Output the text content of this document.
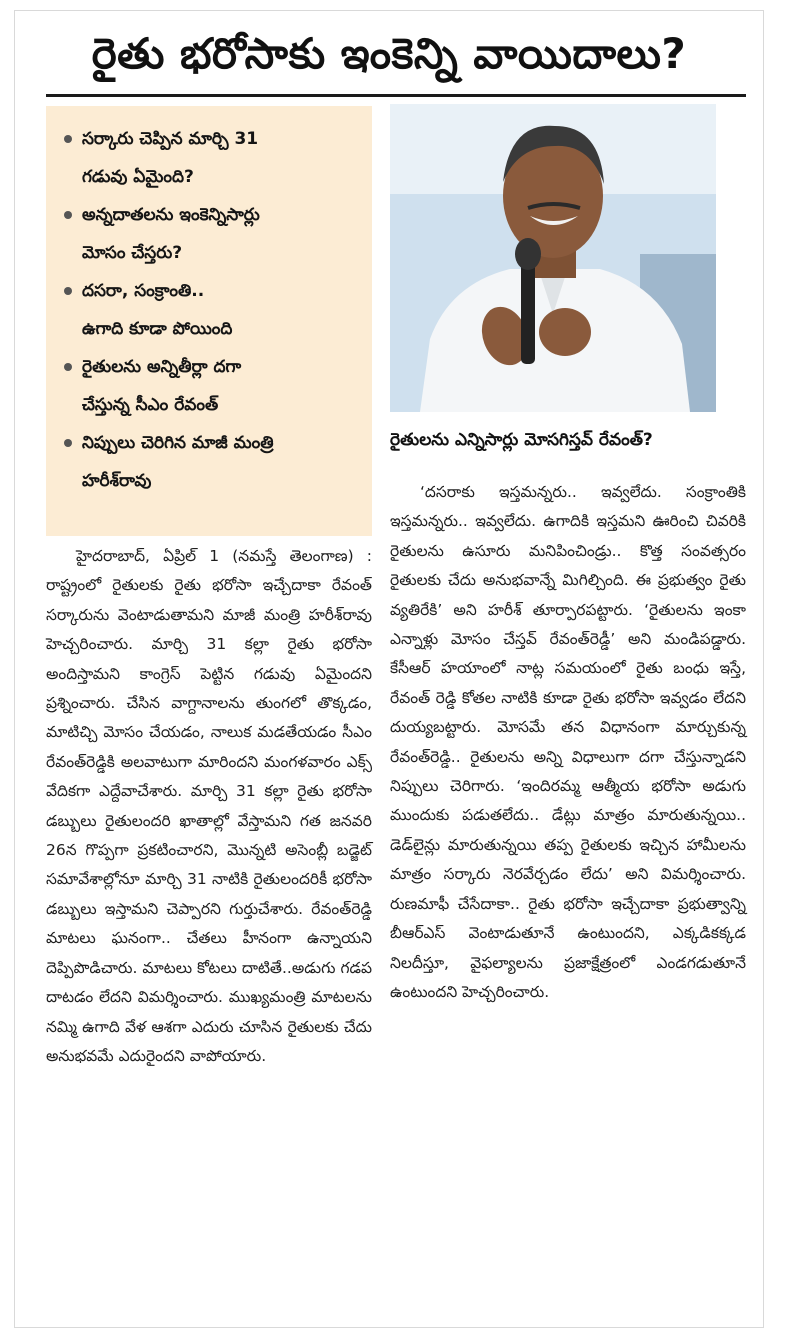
రైతు భరోసాకు ఇంకెన్ని వాయిదాలు?
సర్కారు చెప్పిన మార్చి 31
గడువు ఏమైంది?
అన్నదాతలను ఇంకెన్నిసార్లు
మోసం చేస్తరు?
దసరా, సంక్రాంతి..
ఉగాది కూడా పోయింది
రైతులను అన్నితీర్లా దగా
చేస్తున్న సీఎం రేవంత్
నిప్పులు చెరిగిన మాజీ మంత్రి
హరీశ్‌రావు
రైతులను ఎన్నిసార్లు మోసగిస్తవ్ రేవంత్?

హైదరాబాద్, ఏప్రిల్ 1 (నమస్తే తెలంగాణ) : రాష్ట్రంలో రైతులకు రైతు భరోసా ఇచ్చేదాకా రేవంత్ సర్కారును వెంటాడుతామని మాజీ మంత్రి హరీశ్‌రావు హెచ్చరించారు. మార్చి 31 కల్లా రైతు భరోసా అందిస్తామని కాంగ్రెస్ పెట్టిన గడువు ఏమైందని ప్రశ్నించారు. చేసిన వాగ్దానాలను తుంగలో తొక్కడం, మాటిచ్చి మోసం చేయడం, నాలుక మడతేయడం సీఎం రేవంత్‌రెడ్డికి అలవాటుగా మారిందని మంగళవారం ఎక్స్ వేదికగా ఎద్దేవాచేశారు. మార్చి 31 కల్లా రైతు భరోసా డబ్బులు రైతులందరి ఖాతాల్లో వేస్తామని గత జనవరి 26న గొప్పగా ప్రకటించారని, మొన్నటి అసెంబ్లీ బడ్జెట్ సమావేశాల్లోనూ మార్చి 31 నాటికి రైతులందరికీ భరోసా డబ్బులు ఇస్తామని చెప్పారని గుర్తుచేశారు. రేవంత్‌రెడ్డి మాటలు ఘనంగా.. చేతలు హీనంగా ఉన్నాయని దెప్పిపొడిచారు. మాటలు కోటలు దాటితే..అడుగు గడప దాటడం లేదని విమర్శించారు. ముఖ్యమంత్రి మాటలను నమ్మి ఉగాది వేళ ఆశగా ఎదురు చూసిన రైతులకు చేదు అనుభవమే ఎదురైందని వాపోయారు.

‘దసరాకు ఇస్తమన్నరు.. ఇవ్వలేదు. సంక్రాంతికి ఇస్తమన్నరు.. ఇవ్వలేదు. ఉగాదికి ఇస్తమని ఊరించి చివరికి రైతులను ఉసూరు మనిపించిండ్రు.. కొత్త సంవత్సరం రైతులకు చేదు అనుభవాన్నే మిగిల్చింది. ఈ ప్రభుత్వం రైతు వ్యతిరేకి’ అని హరీశ్ తూర్పారపట్టారు. ‘రైతులను ఇంకా ఎన్నాళ్లు మోసం చేస్తవ్ రేవంత్‌రెడ్డీ’ అని మండిపడ్డారు. కేసీఆర్ హయాంలో నాట్ల సమయంలో రైతు బంధు ఇస్తే, రేవంత్ రెడ్డి కోతల నాటికి కూడా రైతు భరోసా ఇవ్వడం లేదని దుయ్యబట్టారు. మోసమే తన విధానంగా మార్చుకున్న రేవంత్‌రెడ్డి.. రైతులను అన్ని విధాలుగా దగా చేస్తున్నాడని నిప్పులు చెరిగారు. ‘ఇందిరమ్మ ఆత్మీయ భరోసా అడుగు ముందుకు పడుతలేదు.. డేట్లు మాత్రం మారుతున్నయి.. డెడ్‌లైన్లు మారుతున్నయి తప్ప రైతులకు ఇచ్చిన హామీలను మాత్రం సర్కారు నెరవేర్చడం లేదు’ అని విమర్శించారు. రుణమాఫీ చేసేదాకా.. రైతు భరోసా ఇచ్చేదాకా ప్రభుత్వాన్ని బీఆర్‌ఎస్ వెంటాడుతూనే ఉంటుందని, ఎక్కడికక్కడ నిలదీస్తూ, వైఫల్యాలను ప్రజాక్షేత్రంలో ఎండగడుతూనే ఉంటుందని హెచ్చరించారు.
